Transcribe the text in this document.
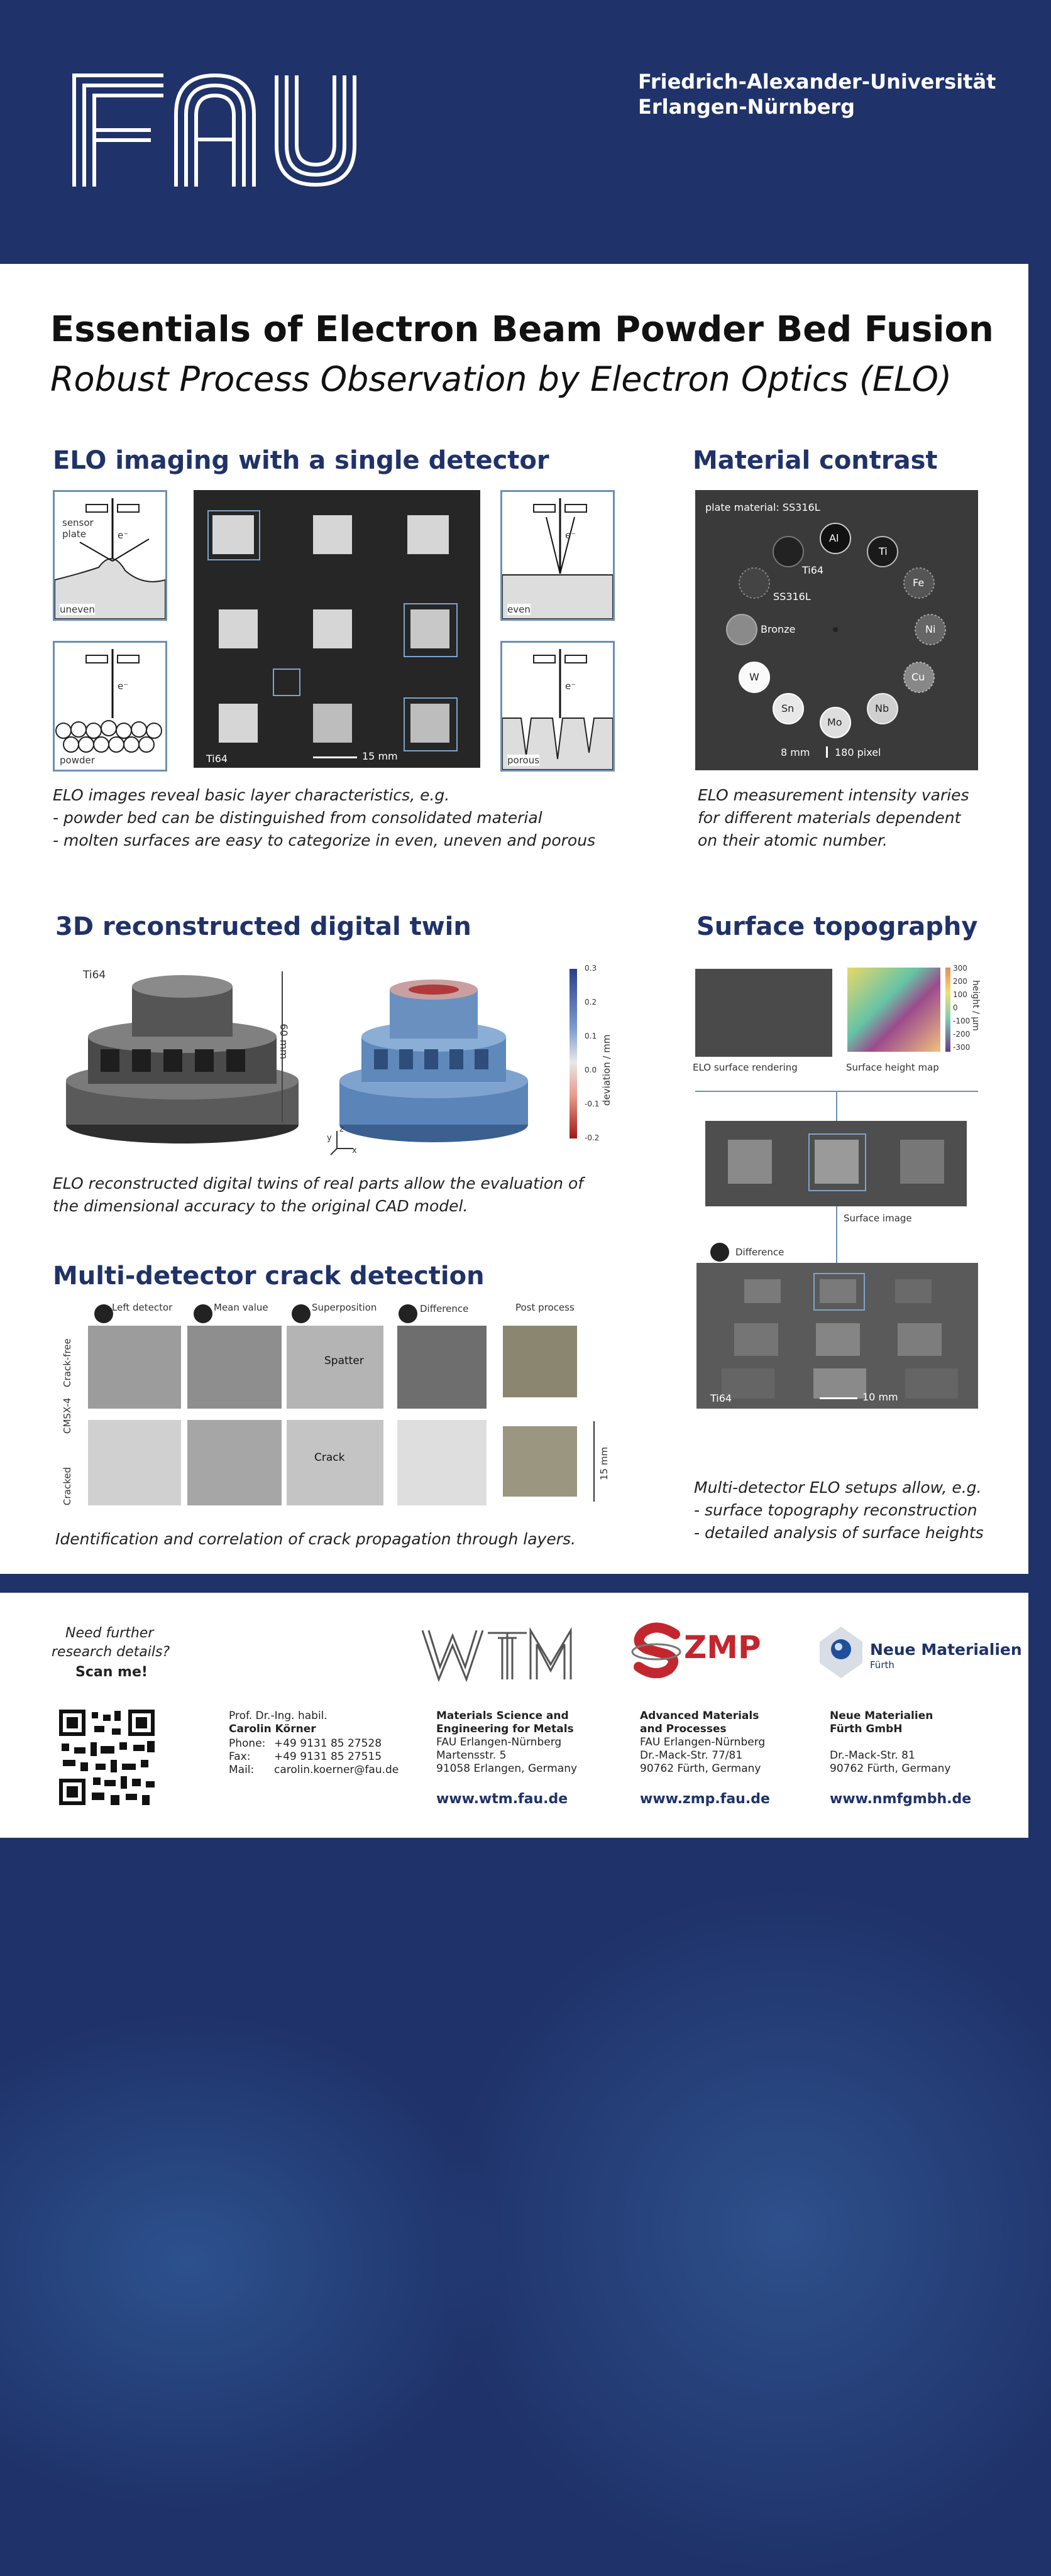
Friedrich-Alexander-Universität
Erlangen-Nürnberg
Essentials of Electron Beam Powder Bed Fusion
Robust Process Observation by Electron Optics (ELO)
ELO imaging with a single detector
sensor
plate	e⁻
uneven
e⁻
powder	Ti64	15 mm
e⁻
even
e⁻
porous
ELO images reveal basic layer characteristics, e.g.
- powder bed can be distinguished from consolidated material
- molten surfaces are easy to categorize in even, uneven and porous
Material contrast
plate material: SS316L
Al
Ti
Fe
Ni
Cu
Nb
Mo
Sn
W
Bronze
SS316L
Ti64
8 mm 180 pixel
ELO measurement intensity varies
for different materials dependent
on their atomic number.
3D reconstructed digital twin
Ti64
60 mm
z
y
x
0.3
0.2
0.1
0.0
-0.1
-0.2
deviation / mm
ELO reconstructed digital twins of real parts allow the evaluation of
the dimensional accuracy to the original CAD model.
Multi-detector crack detection
Left detector	Mean value	Superposition	Difference	Post process
Crack-free
CMSX-4
Cracked
Spatter
Crack	15 mm
Identification and correlation of crack propagation through layers.
Surface topography
300
200
100
0
-100
-200
-300
height / µm
ELO surface rendering	Surface height map
Surface image
Difference
Ti64	10 mm
Multi-detector ELO setups allow, e.g.
- surface topography reconstruction
- detailed analysis of surface heights
Need further
research details?
Scan me!
Prof. Dr.-Ing. habil.
Carolin Körner
Phone: +49 9131 85 27528
Fax: +49 9131 85 27515
Mail: carolin.koerner@fau.de
Materials Science and
Engineering for Metals
FAU Erlangen-Nürnberg
Martensstr. 5
91058 Erlangen, Germany
www.wtm.fau.de
ZMP
Advanced Materials
and Processes
FAU Erlangen-Nürnberg
Dr.-Mack-Str. 77/81
90762 Fürth, Germany
www.zmp.fau.de
Neue Materialien
Fürth
Neue Materialien
Fürth GmbH
Dr.-Mack-Str. 81
90762 Fürth, Germany
www.nmfgmbh.de
